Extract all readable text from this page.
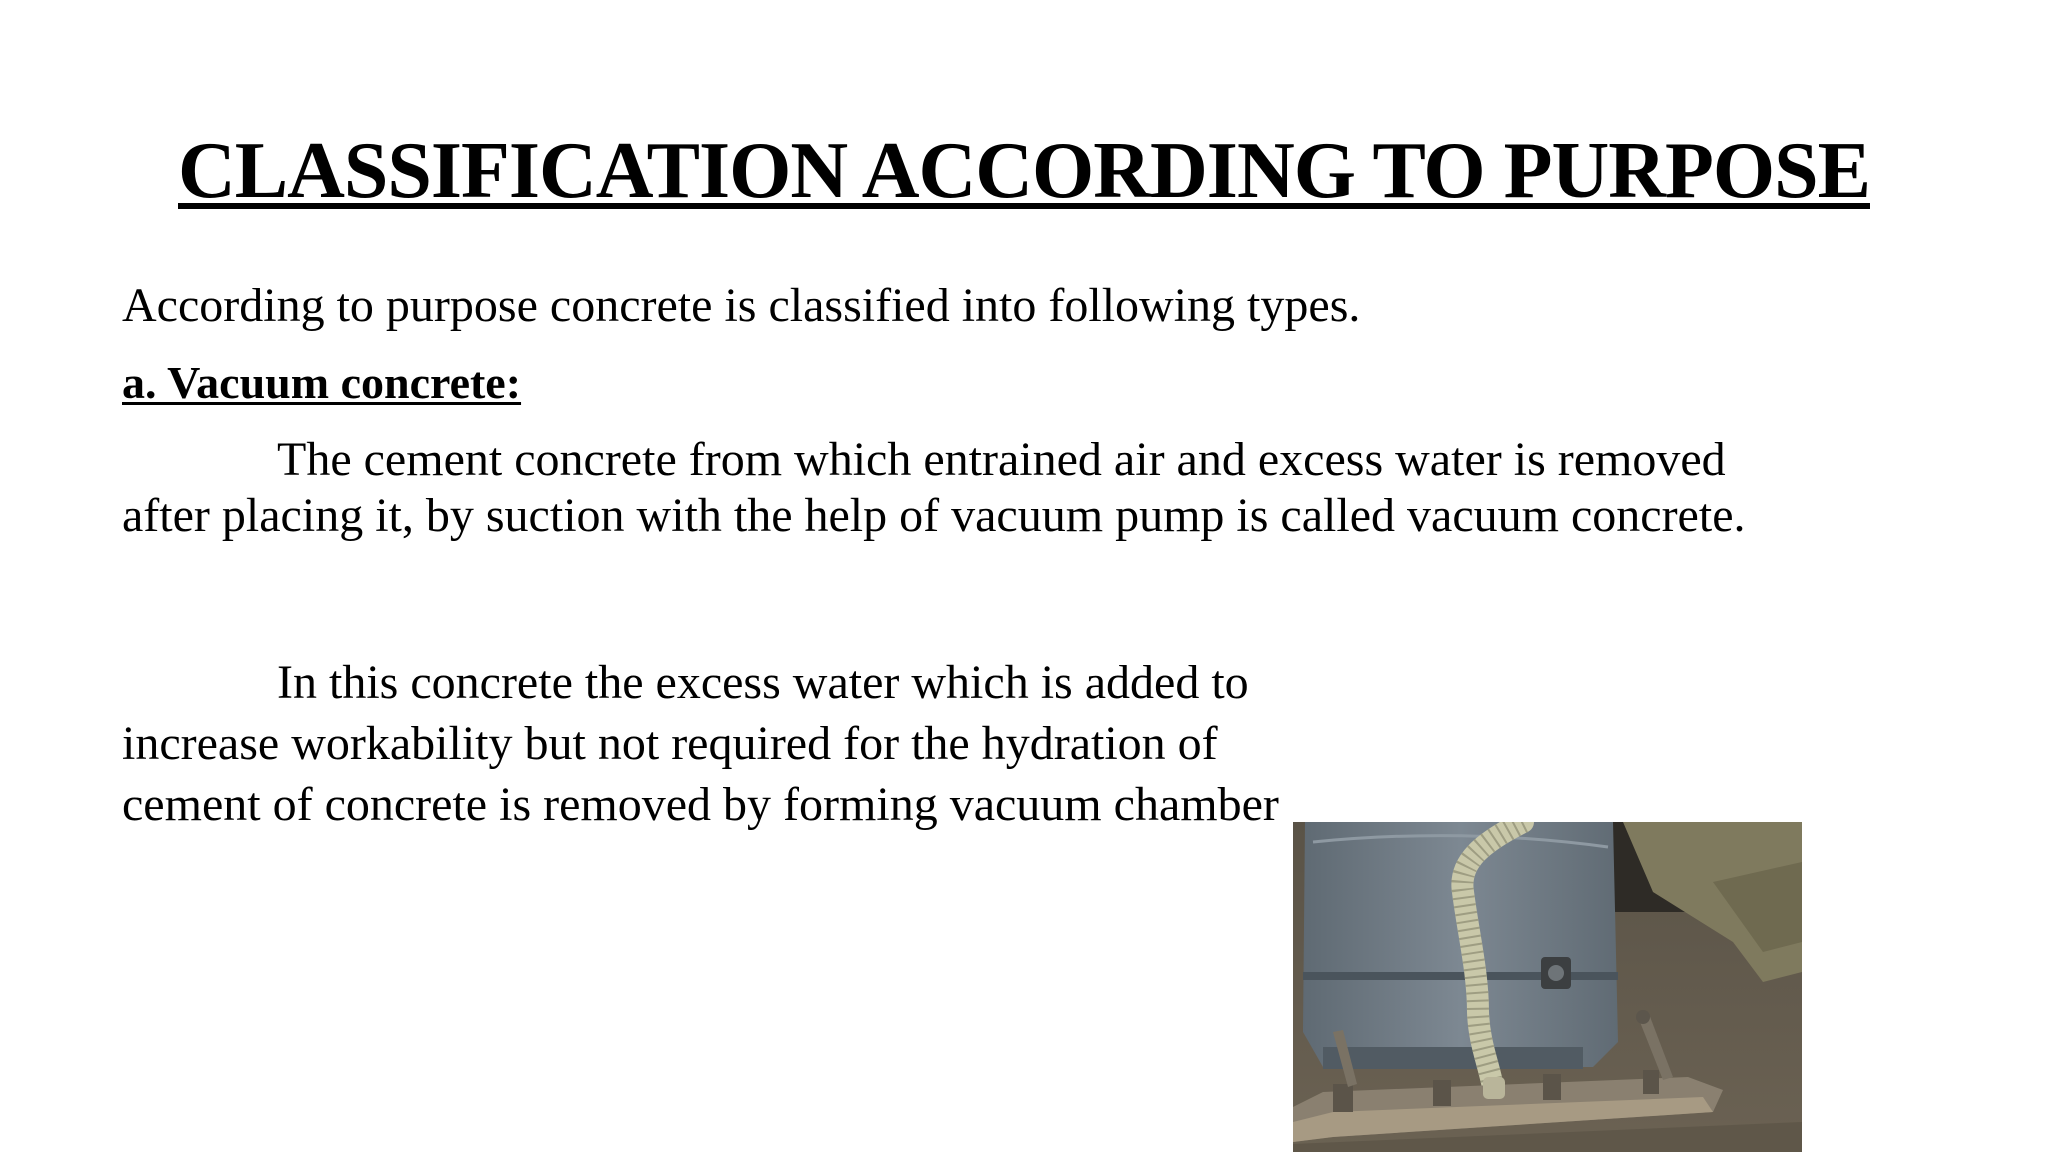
CLASSIFICATION ACCORDING TO PURPOSE
According to purpose concrete is classified into following types.
a. Vacuum concrete:
The cement concrete from which entrained air and excess water is removed
after placing it, by suction with the help of vacuum pump is called vacuum concrete.
In this concrete the excess water which is added to
increase workability but not required for the hydration of
cement of concrete is removed by forming vacuum chamber
